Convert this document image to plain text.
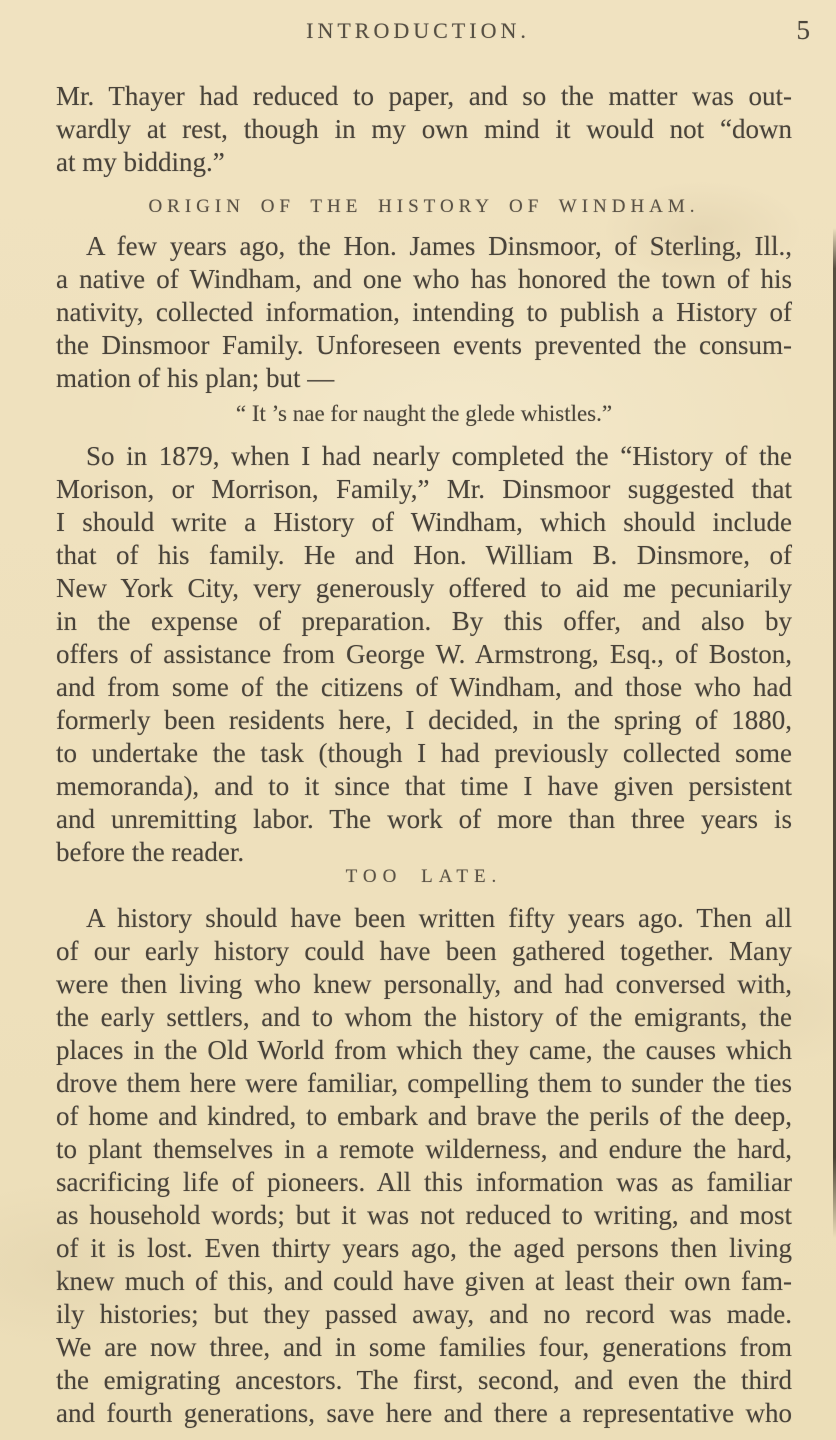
INTRODUCTION.	5
Mr. Thayer had reduced to paper, and so the matter was out-
wardly at rest, though in my own mind it would not “down
at my bidding.”
ORIGIN OF THE HISTORY OF WINDHAM.
A few years ago, the Hon. James Dinsmoor, of Sterling, Ill.,
a native of Windham, and one who has honored the town of his
nativity, collected information, intending to publish a History of
the Dinsmoor Family. Unforeseen events prevented the consum-
mation of his plan; but —
“ It ’s nae for naught the glede whistles.”
So in 1879, when I had nearly completed the “History of the
Morison, or Morrison, Family,” Mr. Dinsmoor suggested that
I should write a History of Windham, which should include
that of his family. He and Hon. William B. Dinsmore, of
New York City, very generously offered to aid me pecuniarily
in the expense of preparation. By this offer, and also by
offers of assistance from George W. Armstrong, Esq., of Boston,
and from some of the citizens of Windham, and those who had
formerly been residents here, I decided, in the spring of 1880,
to undertake the task (though I had previously collected some
memoranda), and to it since that time I have given persistent
and unremitting labor. The work of more than three years is
before the reader.
TOO LATE.
A history should have been written fifty years ago. Then all
of our early history could have been gathered together. Many
were then living who knew personally, and had conversed with,
the early settlers, and to whom the history of the emigrants, the
places in the Old World from which they came, the causes which
drove them here were familiar, compelling them to sunder the ties
of home and kindred, to embark and brave the perils of the deep,
to plant themselves in a remote wilderness, and endure the hard,
sacrificing life of pioneers. All this information was as familiar
as household words; but it was not reduced to writing, and most
of it is lost. Even thirty years ago, the aged persons then living
knew much of this, and could have given at least their own fam-
ily histories; but they passed away, and no record was made.
We are now three, and in some families four, generations from
the emigrating ancestors. The first, second, and even the third
and fourth generations, save here and there a representative who
